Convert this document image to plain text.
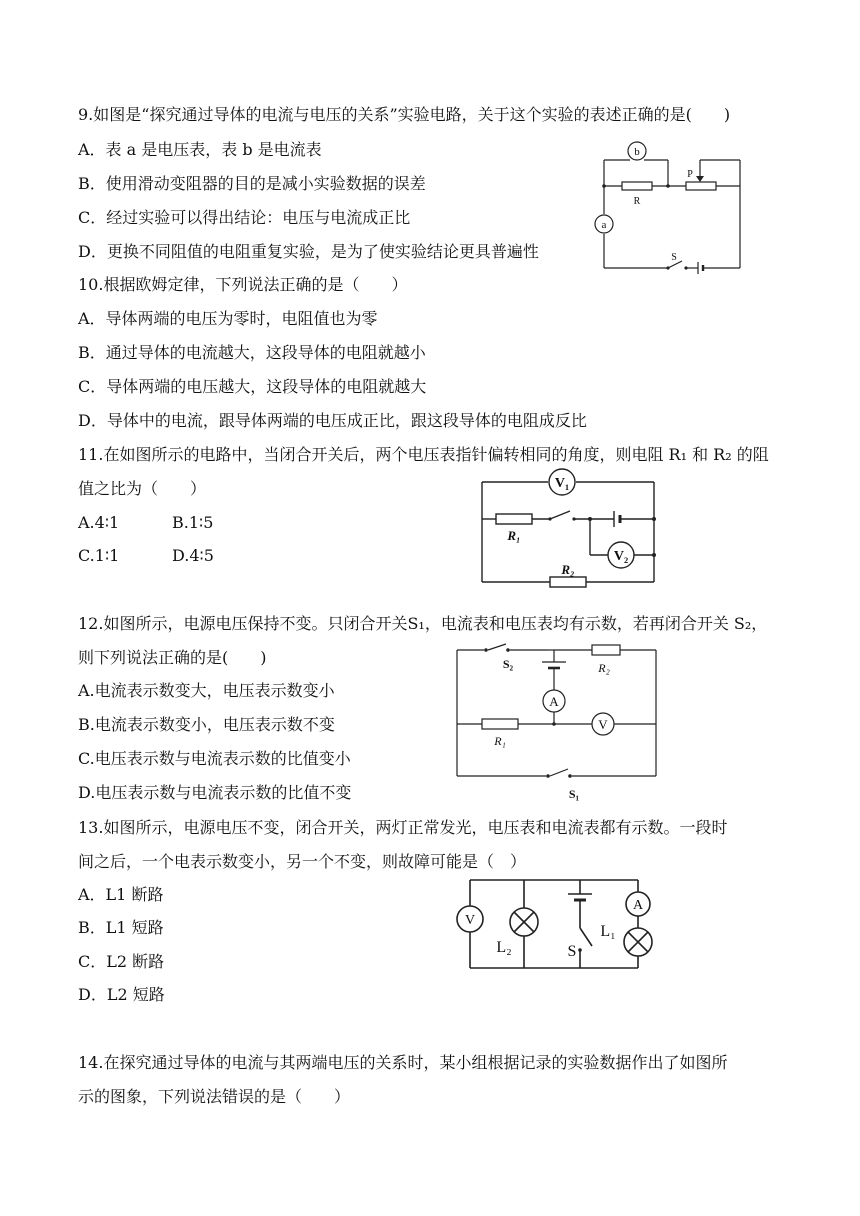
9.如图是“探究通过导体的电流与电压的关系”实验电路，关于这个实验的表述正确的是(　　)
A．表 a 是电压表，表 b 是电流表
B．使用滑动变阻器的目的是减小实验数据的误差
C．经过实验可以得出结论：电压与电流成正比
D．更换不同阻值的电阻重复实验，是为了使实验结论更具普遍性
b
a
R
P
S
10.根据欧姆定律，下列说法正确的是（　　）
A．导体两端的电压为零时，电阻值也为零
B．通过导体的电流越大，这段导体的电阻就越小
C．导体两端的电压越大，这段导体的电阻就越大
D．导体中的电流，跟导体两端的电压成正比，跟这段导体的电阻成反比
11.在如图所示的电路中，当闭合开关后，两个电压表指针偏转相同的角度，则电阻 R₁ 和 R₂ 的阻
值之比为（　　）
A.4∶1	B.1∶5
C.1∶1	D.4∶5
V₁
V₂
R₁
R₂
12.如图所示，电源电压保持不变。只闭合开关S₁，电流表和电压表均有示数，若再闭合开关 S₂，
则下列说法正确的是(　　)
A.电流表示数变大，电压表示数变小
B.电流表示数变小，电压表示数不变
C.电压表示数与电流表示数的比值变小
D.电压表示数与电流表示数的比值不变
A
V
S₂	R₂
R₁
S₁
13.如图所示，电源电压不变，闭合开关，两灯正常发光，电压表和电流表都有示数。一段时
间之后，一个电表示数变小，另一个不变，则故障可能是（　）
A．L1 断路
B．L1 短路
C．L2 断路
D．L2 短路
V
A
L₂
L₁
S
14.在探究通过导体的电流与其两端电压的关系时，某小组根据记录的实验数据作出了如图所
示的图象，下列说法错误的是（　　）
